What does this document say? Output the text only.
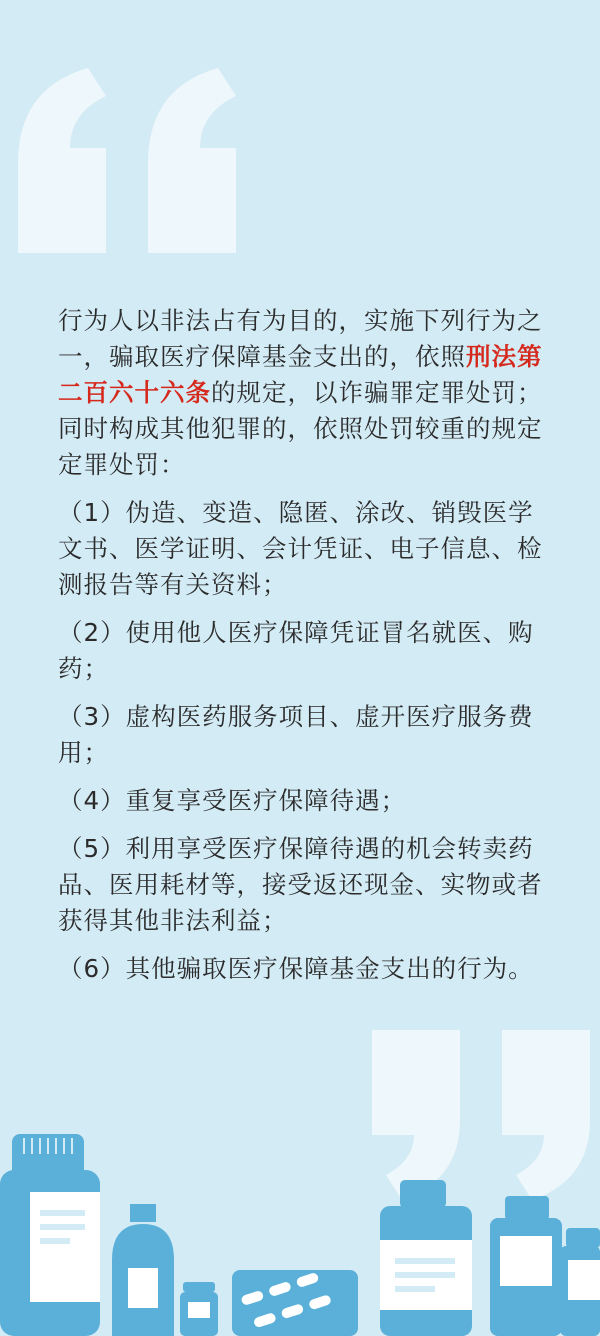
行为人以非法占有为目的，实施下列行为之一，骗取医疗保障基金支出的，依照刑法第二百六十六条的规定，以诈骗罪定罪处罚；同时构成其他犯罪的，依照处罚较重的规定定罪处罚：

（1）伪造、变造、隐匿、涂改、销毁医学文书、医学证明、会计凭证、电子信息、检测报告等有关资料；

（2）使用他人医疗保障凭证冒名就医、购药；

（3）虚构医药服务项目、虚开医疗服务费用；

（4）重复享受医疗保障待遇；

（5）利用享受医疗保障待遇的机会转卖药品、医用耗材等，接受返还现金、实物或者获得其他非法利益；

（6）其他骗取医疗保障基金支出的行为。
